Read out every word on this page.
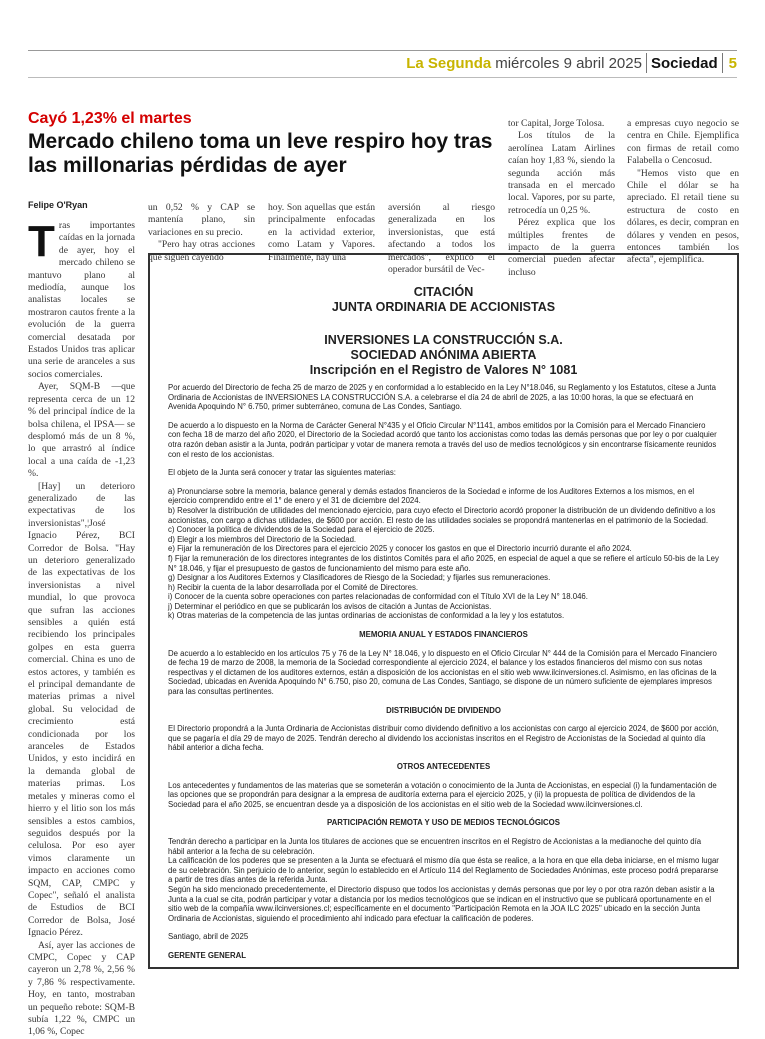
La Segunda miércoles 9 abril 2025 Sociedad 5
Cayó 1,23% el martes
Mercado chileno toma un leve respiro hoy tras las millonarias pérdidas de ayer
Felipe O'Ryan

Tras importantes caídas en la jornada de ayer, hoy el mercado chileno se mantuvo plano al mediodía, aunque los analistas locales se mostraron cautos frente a la evolución de la guerra comercial desatada por Estados Unidos tras aplicar una serie de aranceles a sus socios comerciales.

Ayer, SQM-B —que representa cerca de un 12 % del principal índice de la bolsa chilena, el IPSA— se desplomó más de un 8 %, lo que arrastró al índice local a una caída de -1,23 %.

[Hay] un deterioro generalizado de las expectativas de los inversionistas",¦José Ignacio Pérez, BCI Corredor de Bolsa. "Hay un deterioro generalizado de las expectativas de los inversionistas a nivel mundial, lo que provoca que sufran las acciones sensibles a quién está recibiendo los principales golpes en esta guerra comercial. China es uno de estos actores, y también es el principal demandante de materias primas a nivel global. Su velocidad de crecimiento está condicionada por los aranceles de Estados Unidos, y esto incidirá en la demanda global de materias primas. Los metales y mineras como el hierro y el litio son los más sensibles a estos cambios, seguidos después por la celulosa. Por eso ayer vimos claramente un impacto en acciones como SQM, CAP, CMPC y Copec", señaló el analista de Estudios de BCI Corredor de Bolsa, José Ignacio Pérez.

Así, ayer las acciones de CMPC, Copec y CAP cayeron un 2,78 %, 2,56 % y 7,86 % respectivamente. Hoy, en tanto, mostraban un pequeño rebote: SQM-B subía 1,22 %, CMPC un 1,06 %, Copec

un 0,52 % y CAP se mantenía plano, sin variaciones en su precio.

"Pero hay otras acciones que siguen cayendo

hoy. Son aquellas que están principalmente enfocadas en la actividad exterior, como Latam y Vapores. Finalmente, hay una

aversión al riesgo generalizada en los inversionistas, que está afectando a todos los mercados", explicó el operador bursátil de Vec-

tor Capital, Jorge Tolosa.

Los títulos de la aerolínea Latam Airlines caían hoy 1,83 %, siendo la segunda acción más transada en el mercado local. Vapores, por su parte, retrocedía un 0,25 %.

Pérez explica que los múltiples frentes de impacto de la guerra comercial pueden afectar incluso

a empresas cuyo negocio se centra en Chile. Ejemplifica con firmas de retail como Falabella o Cencosud.

"Hemos visto que en Chile el dólar se ha apreciado. El retail tiene su estructura de costo en dólares, es decir, compran en dólares y venden en pesos, entonces también los afecta", ejemplifica.

CITACIÓN
JUNTA ORDINARIA DE ACCIONISTAS
INVERSIONES LA CONSTRUCCIÓN S.A.
SOCIEDAD ANÓNIMA ABIERTA
Inscripción en el Registro de Valores N° 1081

Por acuerdo del Directorio de fecha 25 de marzo de 2025 y en conformidad a lo establecido en la Ley N°18.046, su Reglamento y los Estatutos, cítese a Junta Ordinaria de Accionistas de INVERSIONES LA CONSTRUCCIÓN S.A. a celebrarse el día 24 de abril de 2025, a las 10:00 horas, la que se efectuará en Avenida Apoquindo N° 6.750, primer subterráneo, comuna de Las Condes, Santiago.

De acuerdo a lo dispuesto en la Norma de Carácter General N°435 y el Oficio Circular N°1141, ambos emitidos por la Comisión para el Mercado Financiero con fecha 18 de marzo del año 2020, el Directorio de la Sociedad acordó que tanto los accionistas como todas las demás personas que por ley o por cualquier otra razón deban asistir a la Junta, podrán participar y votar de manera remota a través del uso de medios tecnológicos y sin encontrarse físicamente reunidos con el resto de los accionistas.

El objeto de la Junta será conocer y tratar las siguientes materias:

a) Pronunciarse sobre la memoria, balance general y demás estados financieros de la Sociedad e informe de los Auditores Externos a los mismos, en el ejercicio comprendido entre el 1° de enero y el 31 de diciembre del 2024.
b) Resolver la distribución de utilidades del mencionado ejercicio, para cuyo efecto el Directorio acordó proponer la distribución de un dividendo definitivo a los accionistas, con cargo a dichas utilidades, de $600 por acción. El resto de las utilidades sociales se propondrá mantenerlas en el patrimonio de la Sociedad.
c) Conocer la política de dividendos de la Sociedad para el ejercicio de 2025.
d) Elegir a los miembros del Directorio de la Sociedad.
e) Fijar la remuneración de los Directores para el ejercicio 2025 y conocer los gastos en que el Directorio incurrió durante el año 2024.
f) Fijar la remuneración de los directores integrantes de los distintos Comités para el año 2025, en especial de aquel a que se refiere el artículo 50-bis de la Ley N° 18.046, y fijar el presupuesto de gastos de funcionamiento del mismo para este año.
g) Designar a los Auditores Externos y Clasificadores de Riesgo de la Sociedad; y fijarles sus remuneraciones.
h) Recibir la cuenta de la labor desarrollada por el Comité de Directores.
i) Conocer de la cuenta sobre operaciones con partes relacionadas de conformidad con el Título XVI de la Ley N° 18.046.
j) Determinar el periódico en que se publicarán los avisos de citación a Juntas de Accionistas.
k) Otras materias de la competencia de las juntas ordinarias de accionistas de conformidad a la ley y los estatutos.

MEMORIA ANUAL Y ESTADOS FINANCIEROS

De acuerdo a lo establecido en los artículos 75 y 76 de la Ley N° 18.046, y lo dispuesto en el Oficio Circular N° 444 de la Comisión para el Mercado Financiero de fecha 19 de marzo de 2008, la memoria de la Sociedad correspondiente al ejercicio 2024, el balance y los estados financieros del mismo con sus notas respectivas y el dictamen de los auditores externos, están a disposición de los accionistas en el sitio web www.ilcinversiones.cl. Asimismo, en las oficinas de la Sociedad, ubicadas en Avenida Apoquindo N° 6.750, piso 20, comuna de Las Condes, Santiago, se dispone de un número suficiente de ejemplares impresos para las consultas pertinentes.

DISTRIBUCIÓN DE DIVIDENDO

El Directorio propondrá a la Junta Ordinaria de Accionistas distribuir como dividendo definitivo a los accionistas con cargo al ejercicio 2024, de $600 por acción, que se pagaría el día 29 de mayo de 2025. Tendrán derecho al dividendo los accionistas inscritos en el Registro de Accionistas de la Sociedad al quinto día hábil anterior a dicha fecha.

OTROS ANTECEDENTES

Los antecedentes y fundamentos de las materias que se someterán a votación o conocimiento de la Junta de Accionistas, en especial (i) la fundamentación de las opciones que se propondrán para designar a la empresa de auditoría externa para el ejercicio 2025, y (ii) la propuesta de política de dividendos de la Sociedad para el año 2025, se encuentran desde ya a disposición de los accionistas en el sitio web de la Sociedad www.ilcinversiones.cl.

PARTICIPACIÓN REMOTA Y USO DE MEDIOS TECNOLÓGICOS

Tendrán derecho a participar en la Junta los titulares de acciones que se encuentren inscritos en el Registro de Accionistas a la medianoche del quinto día hábil anterior a la fecha de su celebración.

La calificación de los poderes que se presenten a la Junta se efectuará el mismo día que ésta se realice, a la hora en que ella deba iniciarse, en el mismo lugar de su celebración. Sin perjuicio de lo anterior, según lo establecido en el Artículo 114 del Reglamento de Sociedades Anónimas, este proceso podrá prepararse a partir de tres días antes de la referida Junta.

Según ha sido mencionado precedentemente, el Directorio dispuso que todos los accionistas y demás personas que por ley o por otra razón deban asistir a la Junta a la cual se cita, podrán participar y votar a distancia por los medios tecnológicos que se indican en el instructivo que se publicará oportunamente en el sitio web de la compañía www.ilcinversiones.cl; específicamente en el documento "Participación Remota en la JOA ILC 2025" ubicado en la sección Junta Ordinaria de Accionistas, siguiendo el procedimiento ahí indicado para efectuar la calificación de poderes.

Santiago, abril de 2025

GERENTE GENERAL
